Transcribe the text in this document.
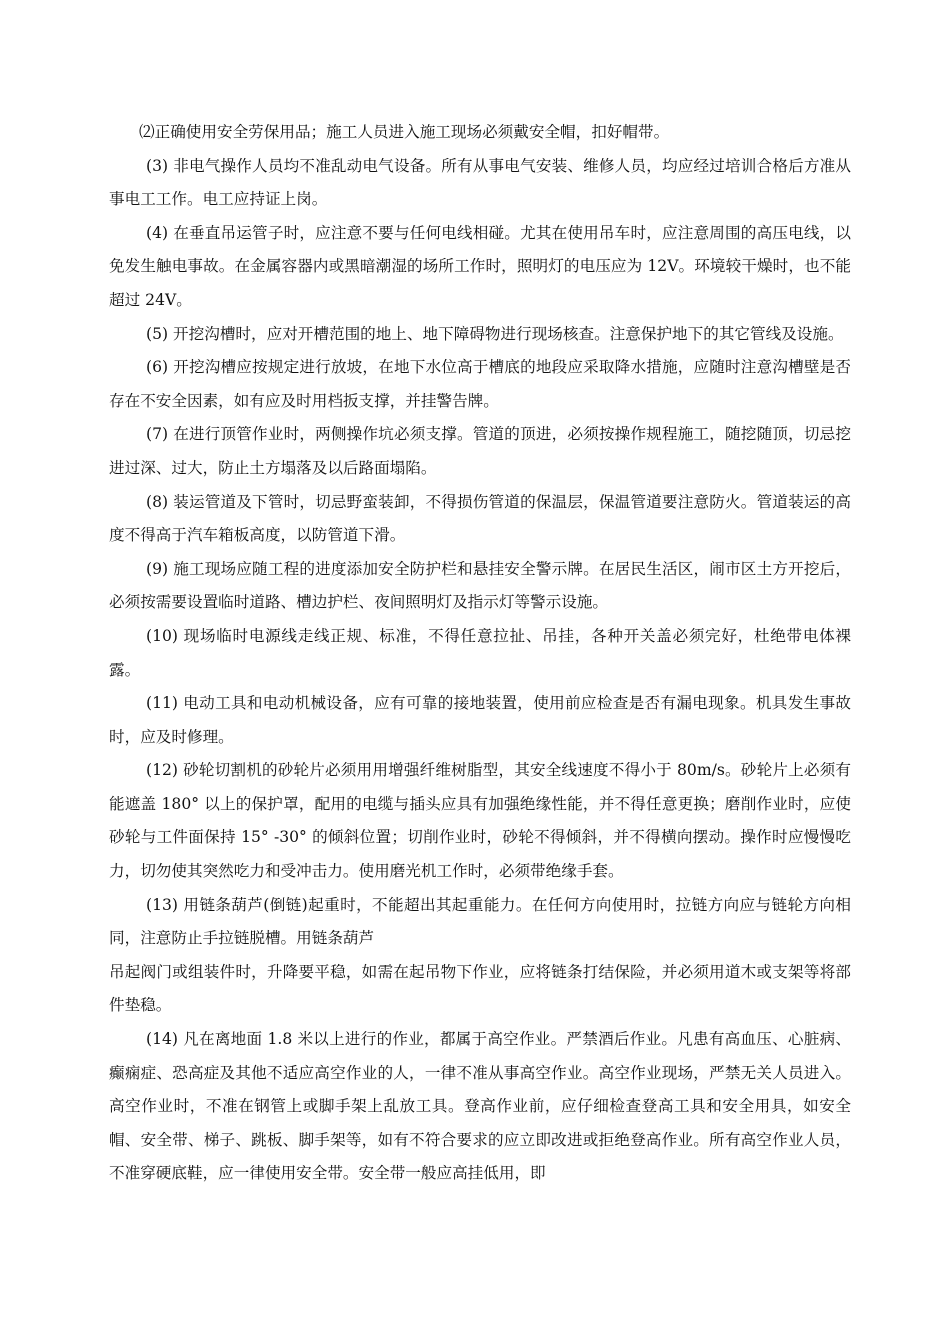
⑵正确使用安全劳保用品；施工人员进入施工现场必须戴安全帽，扣好帽带。

(3) 非电气操作人员均不准乱动电气设备。所有从事电气安装、维修人员，均应经过培训合格后方准从事电工工作。电工应持证上岗。

(4) 在垂直吊运管子时，应注意不要与任何电线相碰。尤其在使用吊车时，应注意周围的高压电线，以免发生触电事故。在金属容器内或黑暗潮湿的场所工作时，照明灯的电压应为 12V。环境较干燥时，也不能超过 24V。

(5) 开挖沟槽时，应对开槽范围的地上、地下障碍物进行现场核查。注意保护地下的其它管线及设施。

(6) 开挖沟槽应按规定进行放坡，在地下水位高于槽底的地段应采取降水措施，应随时注意沟槽壁是否存在不安全因素，如有应及时用档扳支撑，并挂警告牌。

(7) 在进行顶管作业时，两侧操作坑必须支撑。管道的顶进，必须按操作规程施工，随挖随顶，切忌挖进过深、过大，防止土方塌落及以后路面塌陷。

(8) 装运管道及下管时，切忌野蛮装卸，不得损伤管道的保温层，保温管道要注意防火。管道装运的高度不得高于汽车箱板高度，以防管道下滑。

(9) 施工现场应随工程的进度添加安全防护栏和悬挂安全警示牌。在居民生活区，闹市区土方开挖后，必须按需要设置临时道路、槽边护栏、夜间照明灯及指示灯等警示设施。

(10) 现场临时电源线走线正规、标准，不得任意拉扯、吊挂，各种开关盖必须完好，杜绝带电体裸露。

(11) 电动工具和电动机械设备，应有可靠的接地装置，使用前应检查是否有漏电现象。机具发生事故时，应及时修理。

(12) 砂轮切割机的砂轮片必须用用增强纤维树脂型，其安全线速度不得小于 80m/s。砂轮片上必须有能遮盖 180° 以上的保护罩，配用的电缆与插头应具有加强绝缘性能，并不得任意更换；磨削作业时，应使砂轮与工件面保持 15° -30° 的倾斜位置；切削作业时，砂轮不得倾斜，并不得横向摆动。操作时应慢慢吃力，切勿使其突然吃力和受冲击力。使用磨光机工作时，必须带绝缘手套。

(13) 用链条葫芦(倒链)起重时，不能超出其起重能力。在任何方向使用时，拉链方向应与链轮方向相同，注意防止手拉链脱槽。用链条葫芦

吊起阀门或组装件时，升降要平稳，如需在起吊物下作业，应将链条打结保险，并必须用道木或支架等将部件垫稳。

(14) 凡在离地面 1.8 米以上进行的作业，都属于高空作业。严禁酒后作业。凡患有高血压、心脏病、癫痫症、恐高症及其他不适应高空作业的人，一律不准从事高空作业。高空作业现场，严禁无关人员进入。高空作业时，不准在钢管上或脚手架上乱放工具。登高作业前，应仔细检查登高工具和安全用具，如安全帽、安全带、梯子、跳板、脚手架等，如有不符合要求的应立即改进或拒绝登高作业。所有高空作业人员，不准穿硬底鞋，应一律使用安全带。安全带一般应高挂低用，即
